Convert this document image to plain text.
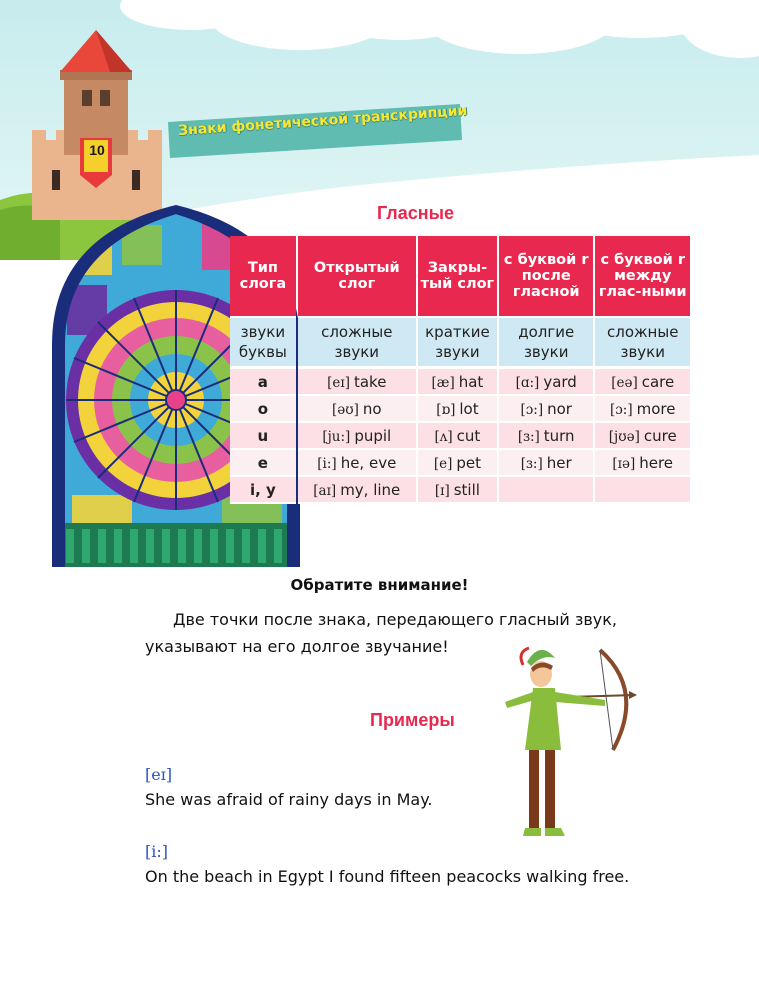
Знаки фонетической транскрипции
10
Гласные
Тип слога	Открытый слог	Закры-тый слог	с буквой r после гласной	с буквой r между глас-ными
звуки буквы	сложные звуки	краткие звуки	долгие звуки	сложные звуки
a	[eɪ] take	[æ] hat	[ɑ:] yard	[eə] care
o	[əʊ] no	[ɒ] lot	[ɔ:] nor	[ɔ:] more
u	[ju:] pupil	[ʌ] cut	[ɜ:] turn	[jʊə] cure
e	[i:] he, eve	[e] pet	[ɜ:] her	[ɪə] here
i, y	[aɪ] my, line	[ɪ] still		
Обратите внимание!
Две точки после знака, передающего гласный звук, указывают на его долгое звучание!
Примеры
[eɪ]
She was afraid of rainy days in May.
[i:]
On the beach in Egypt I found fifteen peacocks walking free.
